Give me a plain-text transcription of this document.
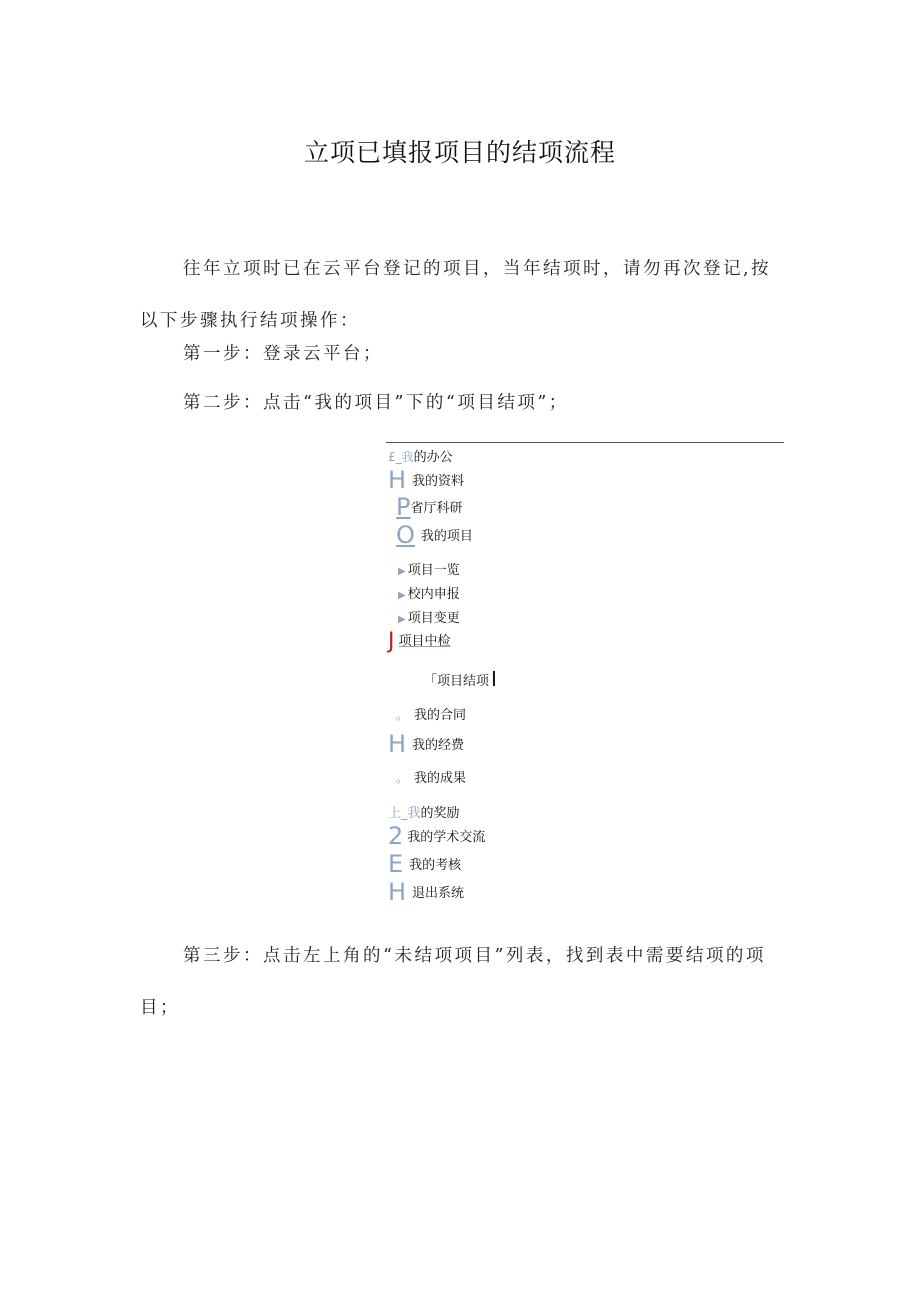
立项已填报项目的结项流程
往年立项时已在云平台登记的项目，当年结项时，请勿再次登记,按以下步骤执行结项操作：
第一步：登录云平台；
第二步：点击“我的项目”下的“项目结项”；
£_我的办公
H我的资料
P省厅科研
O我的项目
▶ 项目一览
▶ 校内申报
▶ 项目变更
J项目中检
「项目结项 I
。 我的合同
H我的经费
。 我的成果
上_我的奖励
2 我的学术交流
E我的考核
H退出系统
第三步：点击左上角的“未结项项目”列表，找到表中需要结项的项目；
